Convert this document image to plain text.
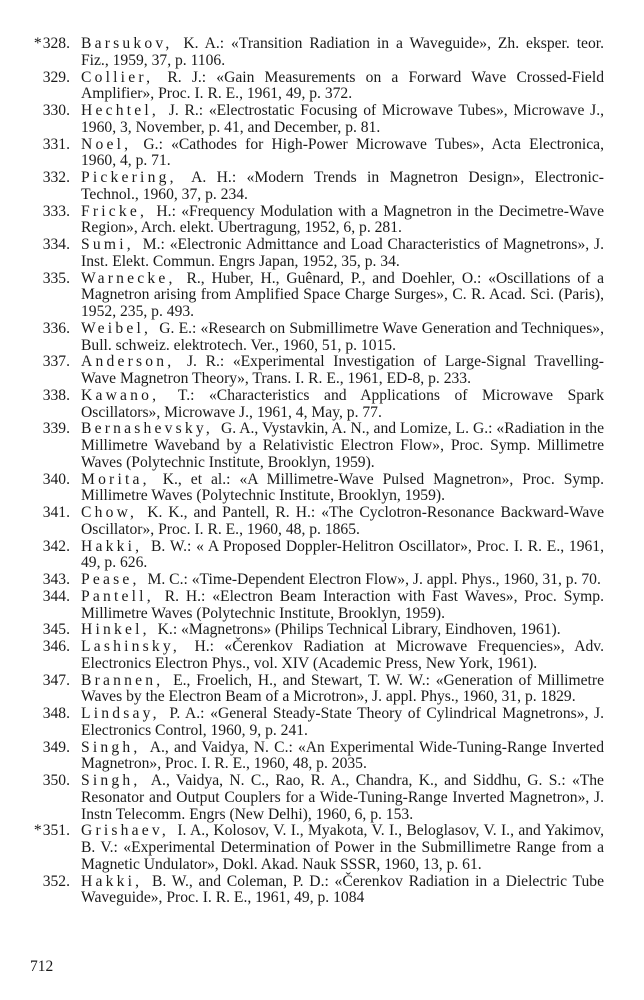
*328. Barsukov, K. A.: «Transition Radiation in a Waveguide», Zh. eksper. teor. Fiz., 1959, 37, p. 1106.
329. Collier, R. J.: «Gain Measurements on a Forward Wave Crossed-Field Amplifier», Proc. I. R. E., 1961, 49, p. 372.
330. Hechtel, J. R.: «Electrostatic Focusing of Microwave Tubes», Microwave J., 1960, 3, November, p. 41, and December, p. 81.
331. Noel, G.: «Cathodes for High-Power Microwave Tubes», Acta Electronica, 1960, 4, p. 71.
332. Pickering, A. H.: «Modern Trends in Magnetron Design», Electronic-Technol., 1960, 37, p. 234.
333. Fricke, H.: «Frequency Modulation with a Magnetron in the Decimetre-Wave Region», Arch. elekt. Ubertragung, 1952, 6, p. 281.
334. Sumi, M.: «Electronic Admittance and Load Characteristics of Magnetrons», J. Inst. Elekt. Commun. Engrs Japan, 1952, 35, p. 34.
335. Warnecke, R., Huber, H., Guênard, P., and Doehler, O.: «Oscillations of a Magnetron arising from Amplified Space Charge Surges», C. R. Acad. Sci. (Paris), 1952, 235, p. 493.
336. Weibel, G. E.: «Research on Submillimetre Wave Generation and Techniques», Bull. schweiz. elektrotech. Ver., 1960, 51, p. 1015.
337. Anderson, J. R.: «Experimental Investigation of Large-Signal Travelling-Wave Magnetron Theory», Trans. I. R. E., 1961, ED-8, p. 233.
338. Kawano, T.: «Characteristics and Applications of Microwave Spark Oscillators», Microwave J., 1961, 4, May, p. 77.
339. Bernashevsky, G. A., Vystavkin, A. N., and Lomize, L. G.: «Radiation in the Millimetre Waveband by a Relativistic Electron Flow», Proc. Symp. Millimetre Waves (Polytechnic Institute, Brooklyn, 1959).
340. Morita, K., et al.: «A Millimetre-Wave Pulsed Magnetron», Proc. Symp. Millimetre Waves (Polytechnic Institute, Brooklyn, 1959).
341. Chow, K. K., and Pantell, R. H.: «The Cyclotron-Resonance Backward-Wave Oscillator», Proc. I. R. E., 1960, 48, p. 1865.
342. Hakki, B. W.: « A Proposed Doppler-Helitron Oscillator», Proc. I. R. E., 1961, 49, p. 626.
343. Pease, M. C.: «Time-Dependent Electron Flow», J. appl. Phys., 1960, 31, p. 70.
344. Pantell, R. H.: «Electron Beam Interaction with Fast Waves», Proc. Symp. Millimetre Waves (Polytechnic Institute, Brooklyn, 1959).
345. Hinkel, K.: «Magnetrons» (Philips Technical Library, Eindhoven, 1961).
346. Lashinsky, H.: «Čerenkov Radiation at Microwave Frequencies», Adv. Electronics Electron Phys., vol. XIV (Academic Press, New York, 1961).
347. Brannen, E., Froelich, H., and Stewart, T. W. W.: «Generation of Millimetre Waves by the Electron Beam of a Microtron», J. appl. Phys., 1960, 31, p. 1829.
348. Lindsay, P. A.: «General Steady-State Theory of Cylindrical Magnetrons», J. Electronics Control, 1960, 9, p. 241.
349. Singh, A., and Vaidya, N. C.: «An Experimental Wide-Tuning-Range Inverted Magnetron», Proc. I. R. E., 1960, 48, p. 2035.
350. Singh, A., Vaidya, N. C., Rao, R. A., Chandra, K., and Siddhu, G. S.: «The Resonator and Output Couplers for a Wide-Tuning-Range Inverted Magnetron», J. Instn Telecomm. Engrs (New Delhi), 1960, 6, p. 153.
*351. Grishaev, I. A., Kolosov, V. I., Myakota, V. I., Beloglasov, V. I., and Yakimov, B. V.: «Experimental Determination of Power in the Submillimetre Range from a Magnetic Undulator», Dokl. Akad. Nauk SSSR, 1960, 13, p. 61.
352. Hakki, B. W., and Coleman, P. D.: «Čerenkov Radiation in a Dielectric Tube Waveguide», Proc. I. R. E., 1961, 49, p. 1084
712
